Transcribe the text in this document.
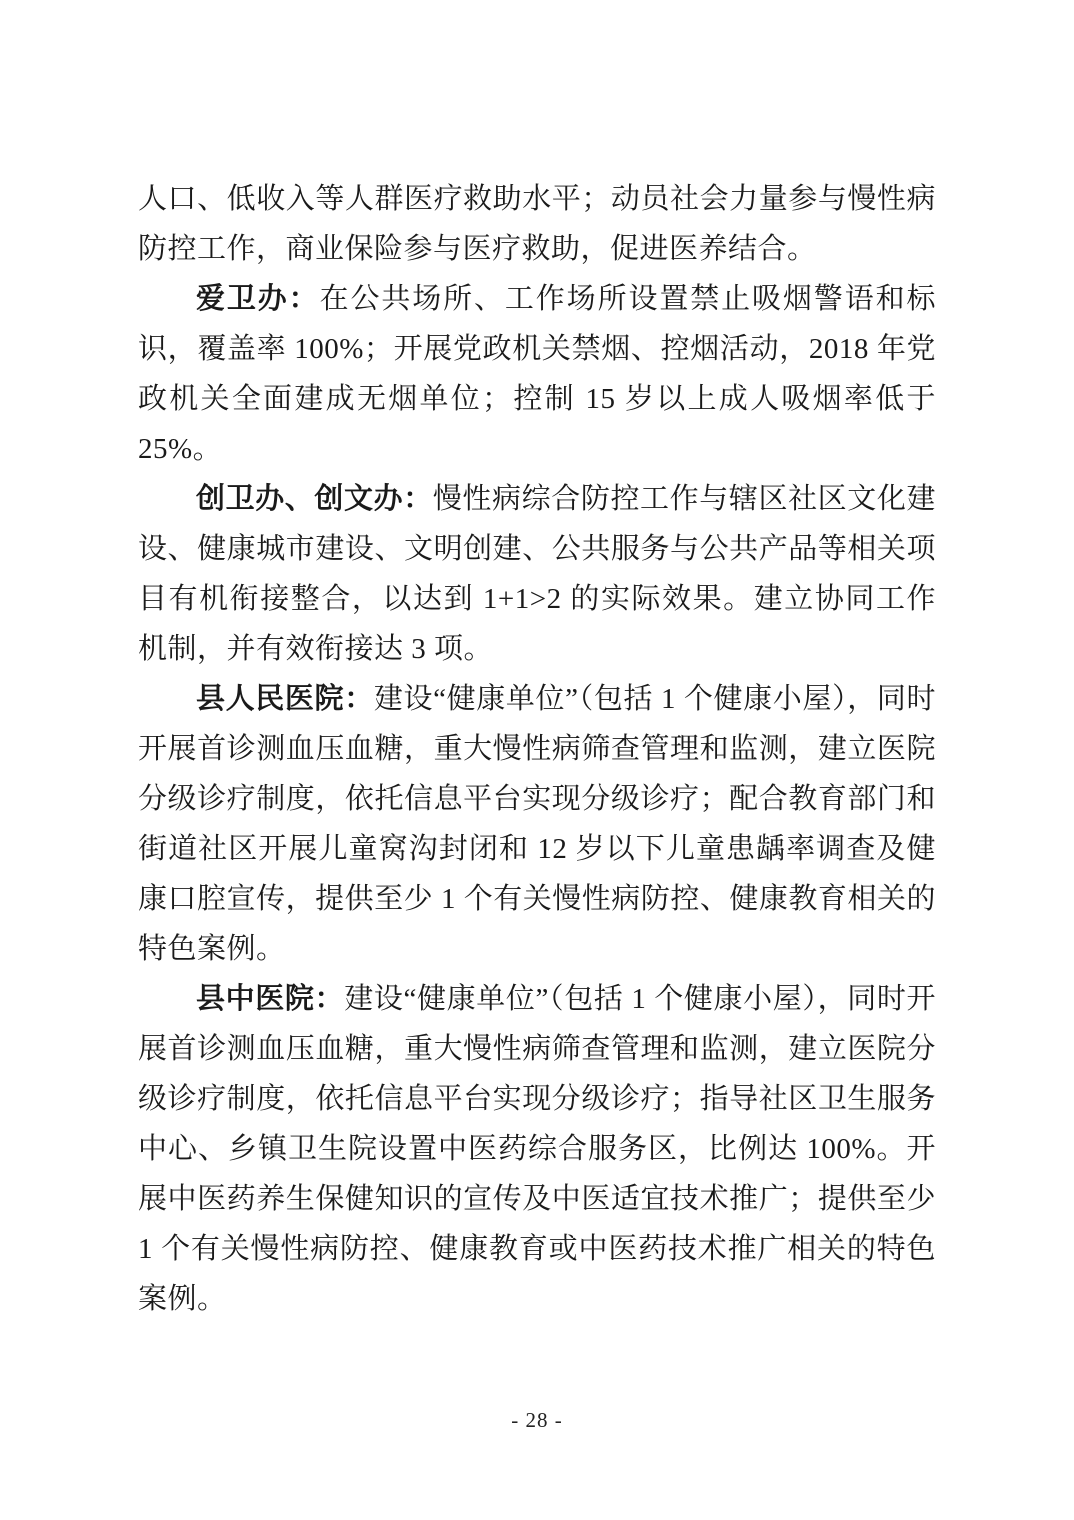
人口、低收入等人群医疗救助水平；动员社会力量参与慢性病防控工作，商业保险参与医疗救助，促进医养结合。

爱卫办：在公共场所、工作场所设置禁止吸烟警语和标识，覆盖率 100%；开展党政机关禁烟、控烟活动，2018 年党政机关全面建成无烟单位；控制 15 岁以上成人吸烟率低于 25%。

创卫办、创文办：慢性病综合防控工作与辖区社区文化建设、健康城市建设、文明创建、公共服务与公共产品等相关项目有机衔接整合，以达到 1+1>2 的实际效果。建立协同工作机制，并有效衔接达 3 项。

县人民医院：建设“健康单位”（包括 1 个健康小屋），同时开展首诊测血压血糖，重大慢性病筛查管理和监测，建立医院分级诊疗制度，依托信息平台实现分级诊疗；配合教育部门和街道社区开展儿童窝沟封闭和 12 岁以下儿童患龋率调查及健康口腔宣传，提供至少 1 个有关慢性病防控、健康教育相关的特色案例。

县中医院：建设“健康单位”（包括 1 个健康小屋），同时开展首诊测血压血糖，重大慢性病筛查管理和监测，建立医院分级诊疗制度，依托信息平台实现分级诊疗；指导社区卫生服务中心、乡镇卫生院设置中医药综合服务区，比例达 100%。开展中医药养生保健知识的宣传及中医适宜技术推广；提供至少 1 个有关慢性病防控、健康教育或中医药技术推广相关的特色案例。

- 28 -
